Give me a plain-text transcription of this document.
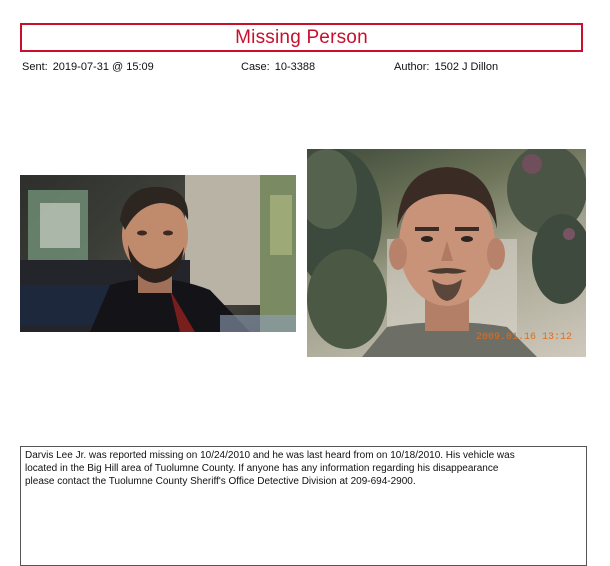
Missing Person
Sent: 2019-07-31 @ 15:09	Case: 10-3388	Author: 1502 J Dillon
2009.01.16 13:12

Darvis Lee Jr. was reported missing on 10/24/2010 and he was last heard from on 10/18/2010. His vehicle was

located in the Big Hill area of Tuolumne County. If anyone has any information regarding his disappearance

please contact the Tuolumne County Sheriff's Office Detective Division at 209-694-2900.
